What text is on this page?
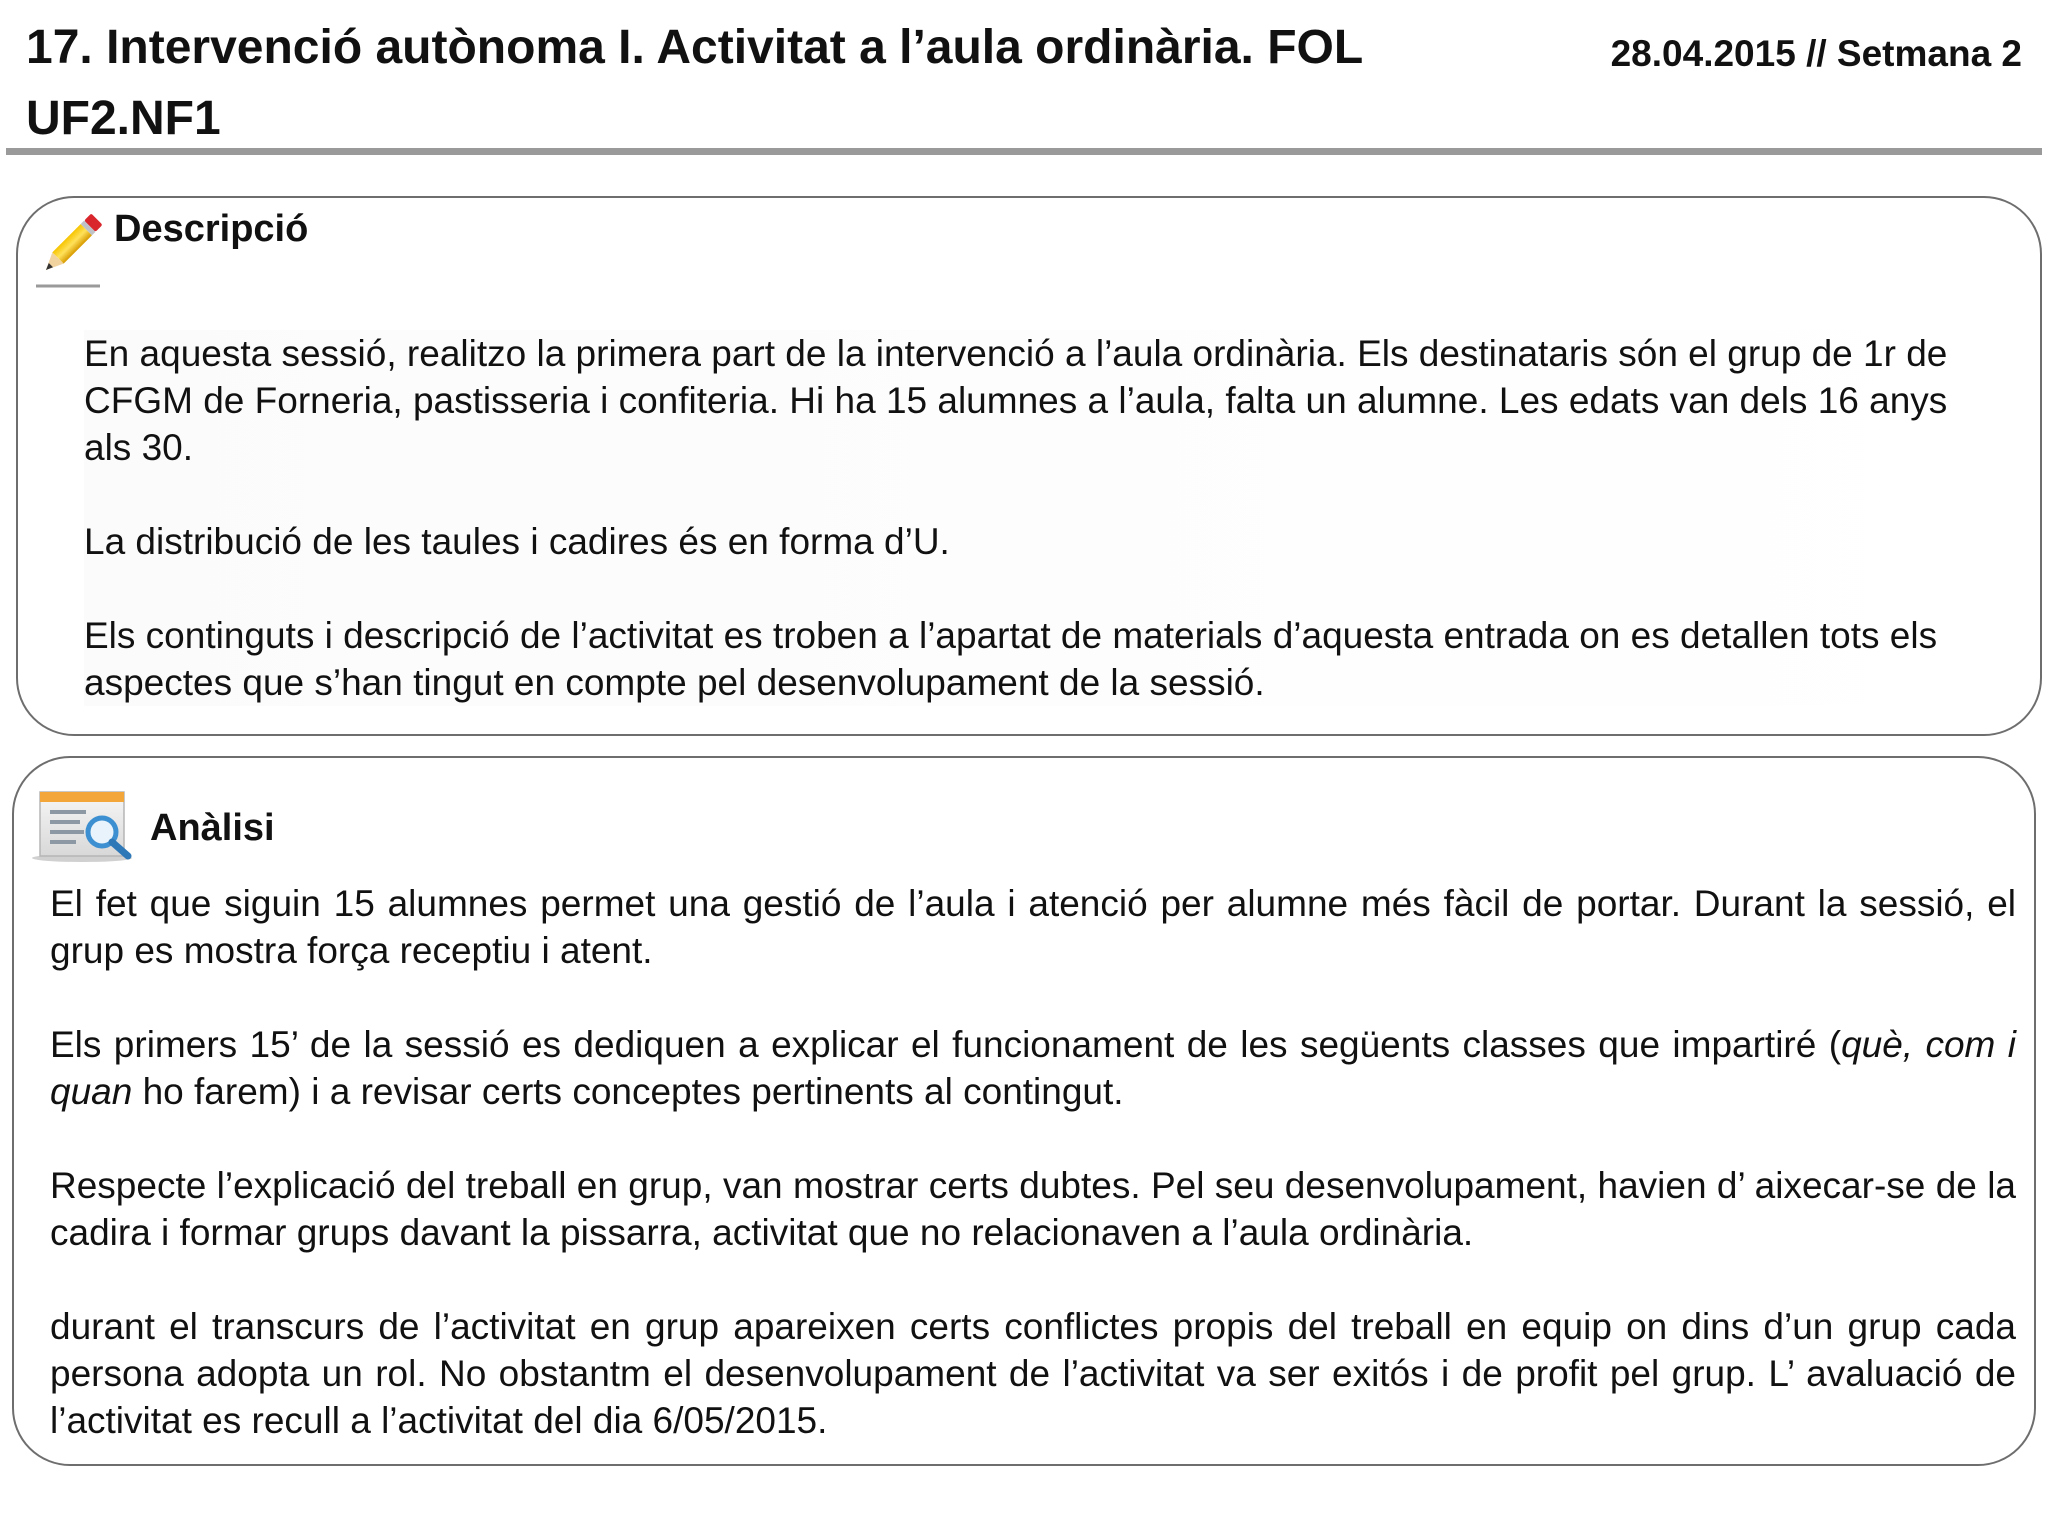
17. Intervenció autònoma I. Activitat a l’aula ordinària. FOL UF2.NF1
28.04.2015 // Setmana 2
Descripció

En aquesta sessió, realitzo la primera part de la intervenció a l’aula ordinària. Els destinataris són el grup de 1r de CFGM de Forneria, pastisseria i confiteria. Hi ha 15 alumnes a l’aula, falta un alumne. Les edats van dels 16 anys als 30.

La distribució de les taules i cadires és en forma d’U.

Els continguts i descripció de l’activitat es troben a l’apartat de materials d’aquesta entrada on es detallen tots els aspectes que s’han tingut en compte pel desenvolupament de la sessió.

Anàlisi

El fet que siguin 15 alumnes permet una gestió de l’aula i atenció per alumne més fàcil de portar. Durant la sessió, el grup es mostra força receptiu i atent.

Els primers 15’ de la sessió es dediquen a explicar el funcionament de les següents classes que impartiré (què, com i quan ho farem) i a revisar certs conceptes pertinents al contingut.

Respecte l’explicació del treball en grup, van mostrar certs dubtes. Pel seu desenvolupament, havien d’ aixecar-se de la cadira i formar grups davant la pissarra, activitat que no relacionaven a l’aula ordinària.

durant el transcurs de l’activitat en grup apareixen certs conflictes propis del treball en equip on dins d’un grup cada persona adopta un rol. No obstantm el desenvolupament de l’activitat va ser exitós i de profit pel grup. L’ avaluació de l’activitat es recull a l’activitat del dia 6/05/2015.
